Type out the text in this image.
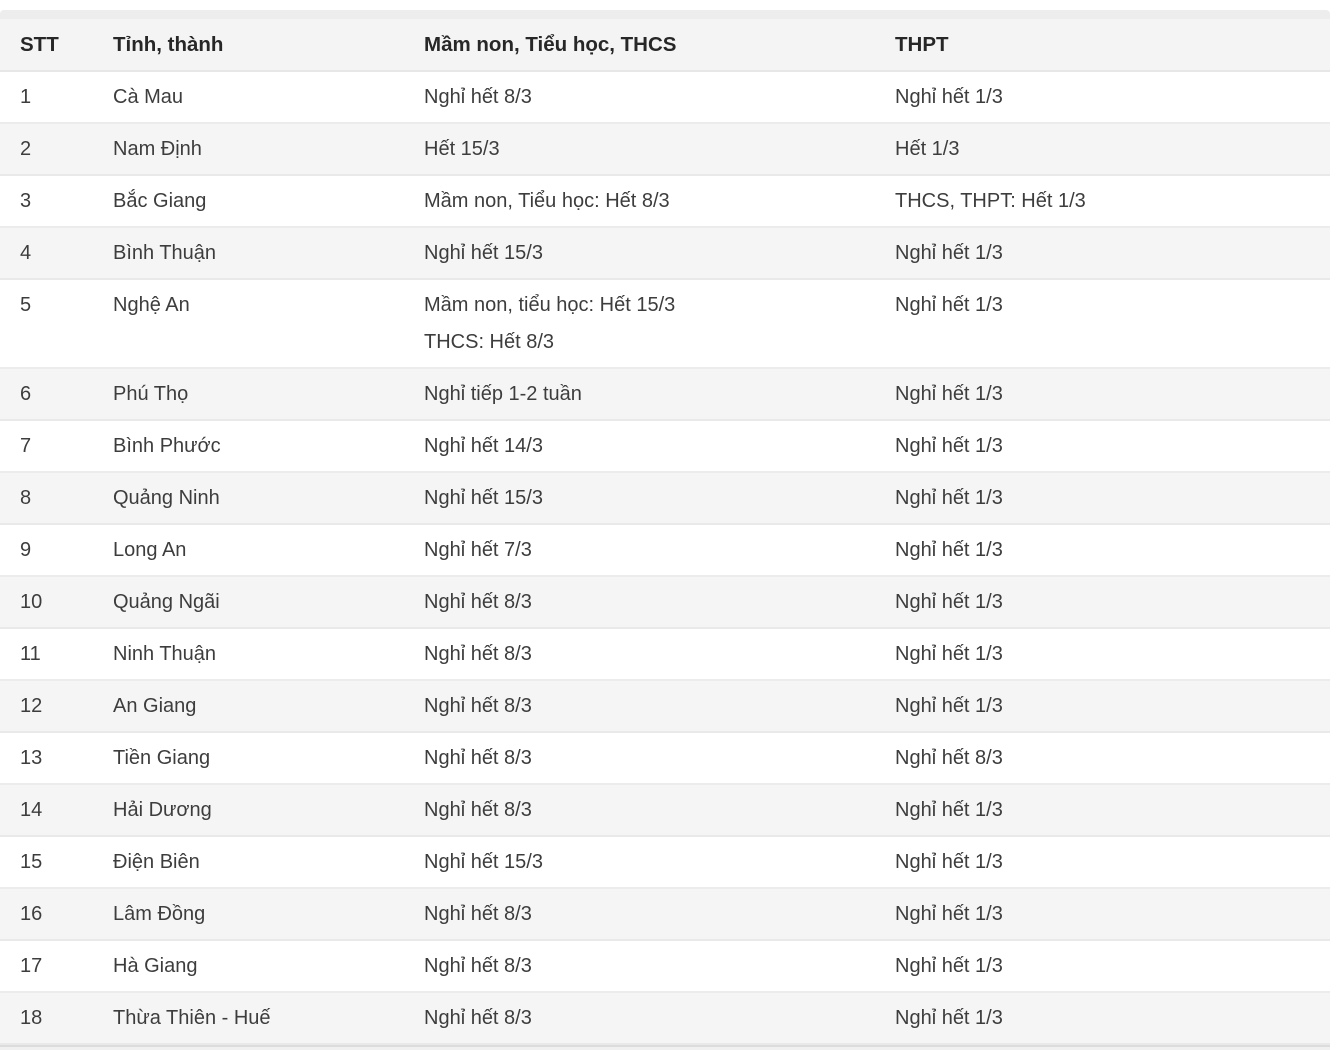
STT	Tỉnh, thành	Mầm non, Tiểu học, THCS	THPT
1	Cà Mau	Nghỉ hết 8/3	Nghỉ hết 1/3
2	Nam Định	Hết 15/3	Hết 1/3
3	Bắc Giang	Mầm non, Tiểu học: Hết 8/3	THCS, THPT: Hết 1/3
4	Bình Thuận	Nghỉ hết 15/3	Nghỉ hết 1/3
5	Nghệ An	Mầm non, tiểu học: Hết 15/3
THCS: Hết 8/3	Nghỉ hết 1/3
6	Phú Thọ	Nghỉ tiếp 1-2 tuần	Nghỉ hết 1/3
7	Bình Phước	Nghỉ hết 14/3	Nghỉ hết 1/3
8	Quảng Ninh	Nghỉ hết 15/3	Nghỉ hết 1/3
9	Long An	Nghỉ hết 7/3	Nghỉ hết 1/3
10	Quảng Ngãi	Nghỉ hết 8/3	Nghỉ hết 1/3
11	Ninh Thuận	Nghỉ hết 8/3	Nghỉ hết 1/3
12	An Giang	Nghỉ hết 8/3	Nghỉ hết 1/3
13	Tiền Giang	Nghỉ hết 8/3	Nghỉ hết 8/3
14	Hải Dương	Nghỉ hết 8/3	Nghỉ hết 1/3
15	Điện Biên	Nghỉ hết 15/3	Nghỉ hết 1/3
16	Lâm Đồng	Nghỉ hết 8/3	Nghỉ hết 1/3
17	Hà Giang	Nghỉ hết 8/3	Nghỉ hết 1/3
18	Thừa Thiên - Huế	Nghỉ hết 8/3	Nghỉ hết 1/3
